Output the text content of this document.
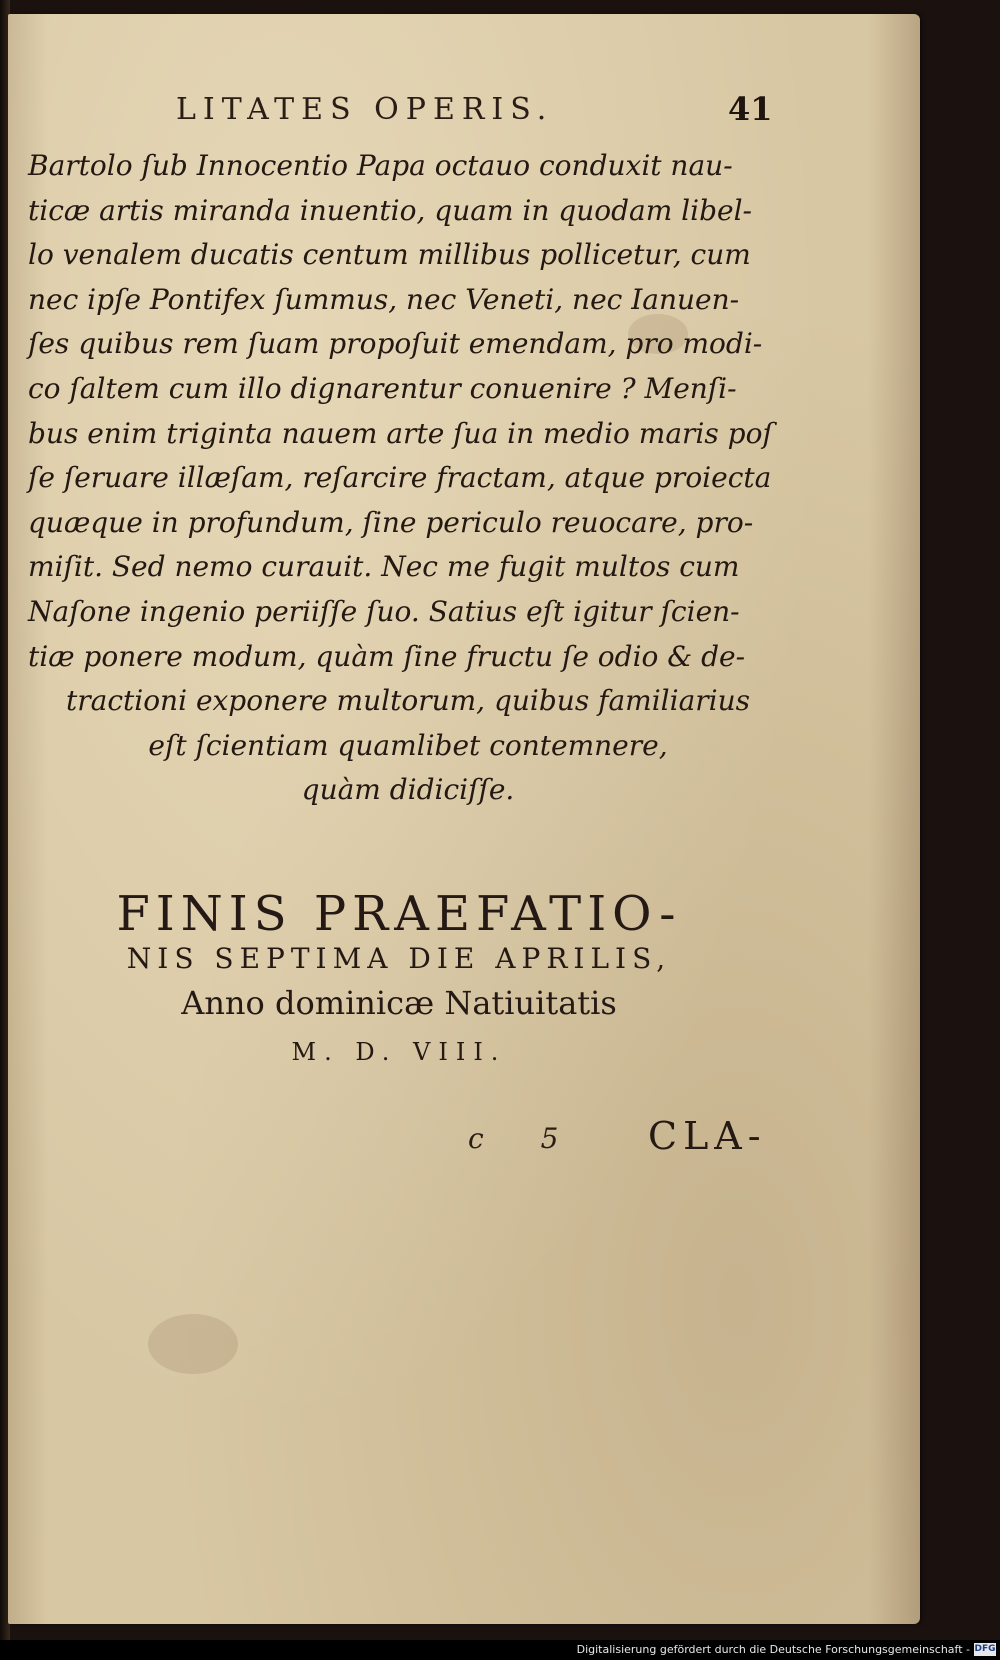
LITATES OPERIS.	41
Bartolo ſub Innocentio Papa octauo conduxit nau-
ticæ artis miranda inuentio, quam in quodam libel-
lo venalem ducatis centum millibus pollicetur, cum
nec ipſe Pontifex ſummus, nec Veneti, nec Ianuen-
ſes quibus rem ſuam propoſuit emendam, pro modi-
co ſaltem cum illo dignarentur conuenire ? Menſi-
bus enim triginta nauem arte ſua in medio maris poſ
ſe ſeruare illæſam, reſarcire fractam, atque proiecta
quæque in profundum, ſine periculo reuocare, pro-
miſit. Sed nemo curauit. Nec me fugit multos cum
Naſone ingenio periiſſe ſuo. Satius eſt igitur ſcien-
tiæ ponere modum, quàm ſine fructu ſe odio & de-
tractioni exponere multorum, quibus familiarius
eſt ſcientiam quamlibet contemnere,
quàm didiciſſe.
FINIS PRAEFATIO-
NIS SEPTIMA DIE APRILIS,
Anno dominicæ Natiuitatis
M. D. VIII.
c 5 CLA-
Digitalisierung gefördert durch die Deutsche Forschungsgemeinschaft - DFG
